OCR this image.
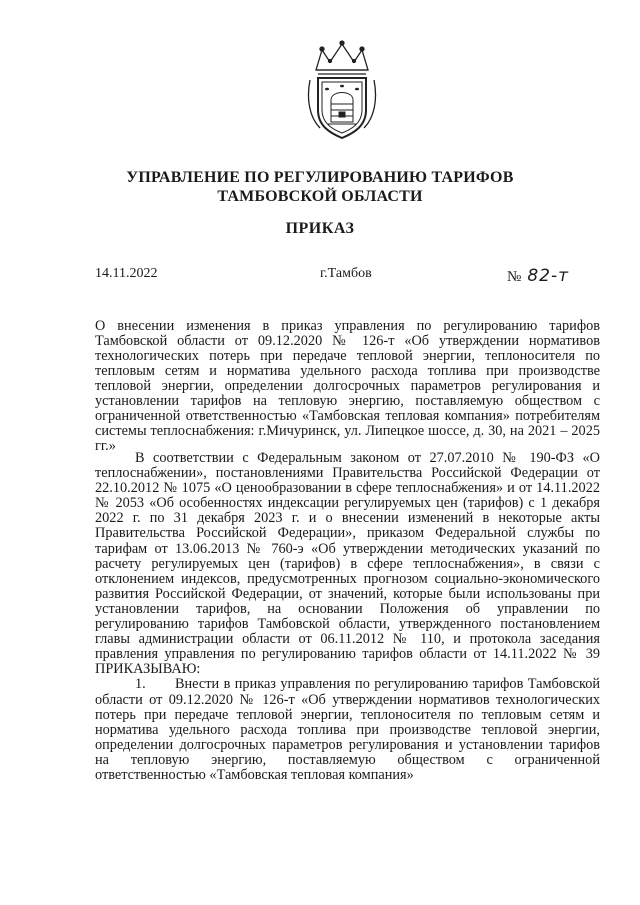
УПРАВЛЕНИЕ ПО РЕГУЛИРОВАНИЮ ТАРИФОВ
ТАМБОВСКОЙ ОБЛАСТИ
ПРИКАЗ
14.11.2022	г.Тамбов	№ 82-т
О внесении изменения в приказ управления по регулированию тарифов Тамбовской области от 09.12.2020 № 126-т «Об утверждении нормативов технологических потерь при передаче тепловой энергии, теплоносителя по тепловым сетям и норматива удельного расхода топлива при производстве тепловой энергии, определении долгосрочных параметров регулирования и установлении тарифов на тепловую энергию, поставляемую обществом с ограниченной ответственностью «Тамбовская тепловая компания» потребителям системы теплоснабжения: г.Мичуринск, ул. Липецкое шоссе, д. 30, на 2021 – 2025 гг.»

В соответствии с Федеральным законом от 27.07.2010 № 190-ФЗ «О теплоснабжении», постановлениями Правительства Российской Федерации от 22.10.2012 № 1075 «О ценообразовании в сфере теплоснабжения» и от 14.11.2022 № 2053 «Об особенностях индексации регулируемых цен (тарифов) с 1 декабря 2022 г. по 31 декабря 2023 г. и о внесении изменений в некоторые акты Правительства Российской Федерации», приказом Федеральной службы по тарифам от 13.06.2013 № 760-э «Об утверждении методических указаний по расчету регулируемых цен (тарифов) в сфере теплоснабжения», в связи с отклонением индексов, предусмотренных прогнозом социально-экономического развития Российской Федерации, от значений, которые были использованы при установлении тарифов, на основании Положения об управлении по регулированию тарифов Тамбовской области, утвержденного постановлением главы администрации области от 06.11.2012 № 110, и протокола заседания правления управления по регулированию тарифов области от 14.11.2022 № 39 ПРИКАЗЫВАЮ:

1. Внести в приказ управления по регулированию тарифов Тамбовской области от 09.12.2020 № 126-т «Об утверждении нормативов технологических потерь при передаче тепловой энергии, теплоносителя по тепловым сетям и норматива удельного расхода топлива при производстве тепловой энергии, определении долгосрочных параметров регулирования и установлении тарифов на тепловую энергию, поставляемую обществом с ограниченной ответственностью «Тамбовская тепловая компания»
